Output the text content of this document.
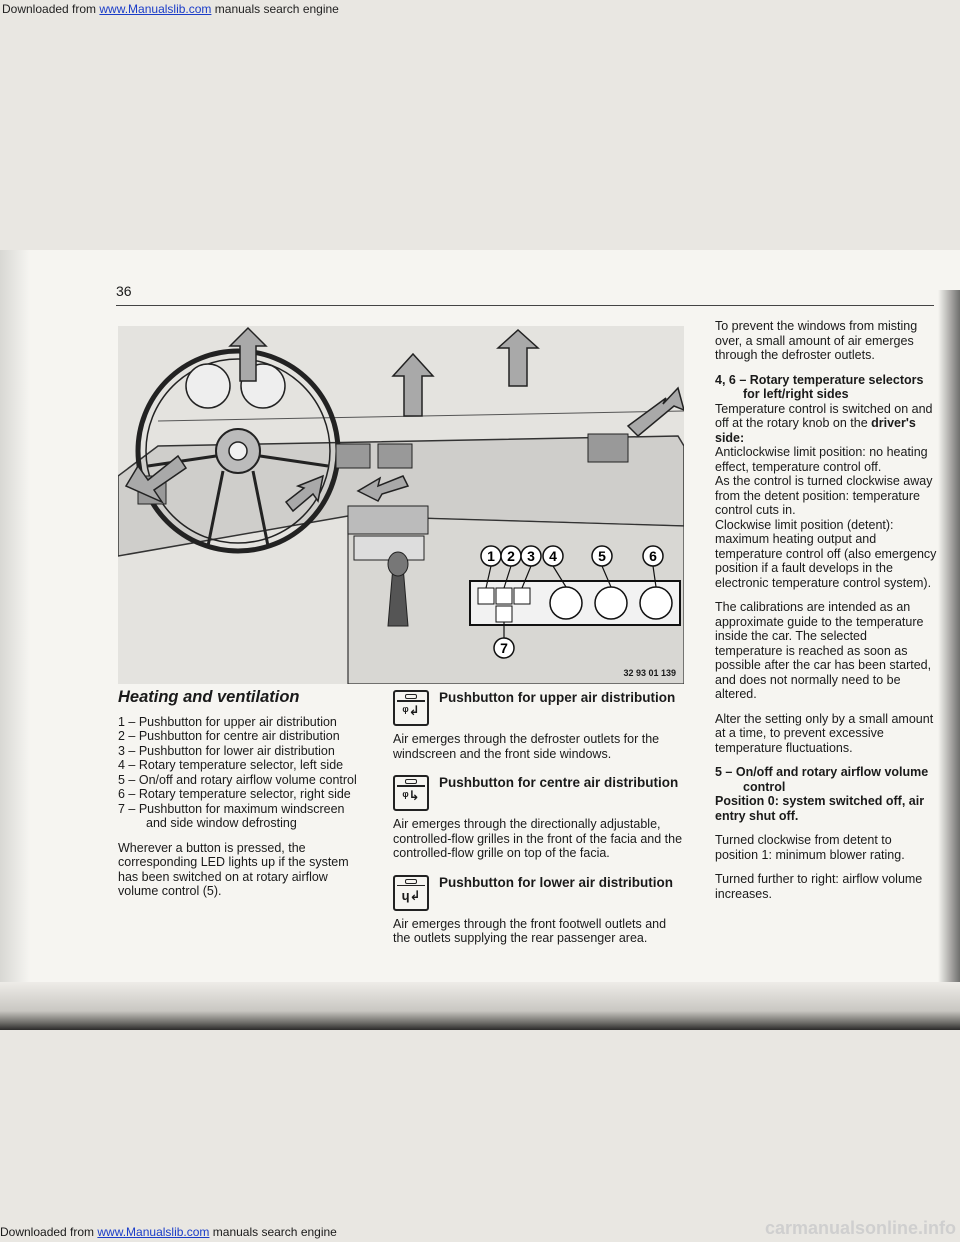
Downloaded from www.Manualslib.com manuals search engine
36
1 2 3 4	5	6
7
32 93 01 139
Heating and ventilation
1 – Pushbutton for upper air distribution
2 – Pushbutton for centre air distribution
3 – Pushbutton for lower air distribution
4 – Rotary temperature selector, left side
5 – On/off and rotary airflow volume control
6 – Rotary temperature selector, right side
7 – Pushbutton for maximum windscreen and side window defrosting

Wherever a button is pressed, the corresponding LED lights up if the system has been switched on at rotary airflow volume control (5).

ᵠ↲
Pushbutton for upper air distribution

Air emerges through the defroster outlets for the windscreen and the front side windows.

ᵠ↳
Pushbutton for centre air distribution

Air emerges through the directionally adjustable, controlled-flow grilles in the front of the facia and the controlled-flow grille on top of the facia.

ɥ↲
Pushbutton for lower air distribution

Air emerges through the front footwell outlets and the outlets supplying the rear passenger area.

To prevent the windows from misting over, a small amount of air emerges through the defroster outlets.

4, 6 – Rotary temperature selectors for left/right sides
Temperature control is switched on and off at the rotary knob on the driver's side:
Anticlockwise limit position: no heating effect, temperature control off.
As the control is turned clockwise away from the detent position: temperature control cuts in.

Clockwise limit position (detent): maximum heating output and temperature control off (also emergency position if a fault develops in the electronic temperature control system).

The calibrations are intended as an approximate guide to the temperature inside the car. The selected temperature is reached as soon as possible after the car has been started, and does not normally need to be altered.

Alter the setting only by a small amount at a time, to prevent excessive temperature fluctuations.

5 – On/off and rotary airflow volume control

Position 0: system switched off, air entry shut off.

Turned clockwise from detent to position 1: minimum blower rating.

Turned further to right: airflow volume increases.

Downloaded from www.Manualslib.com manuals search engine	carmanualsonline.info
